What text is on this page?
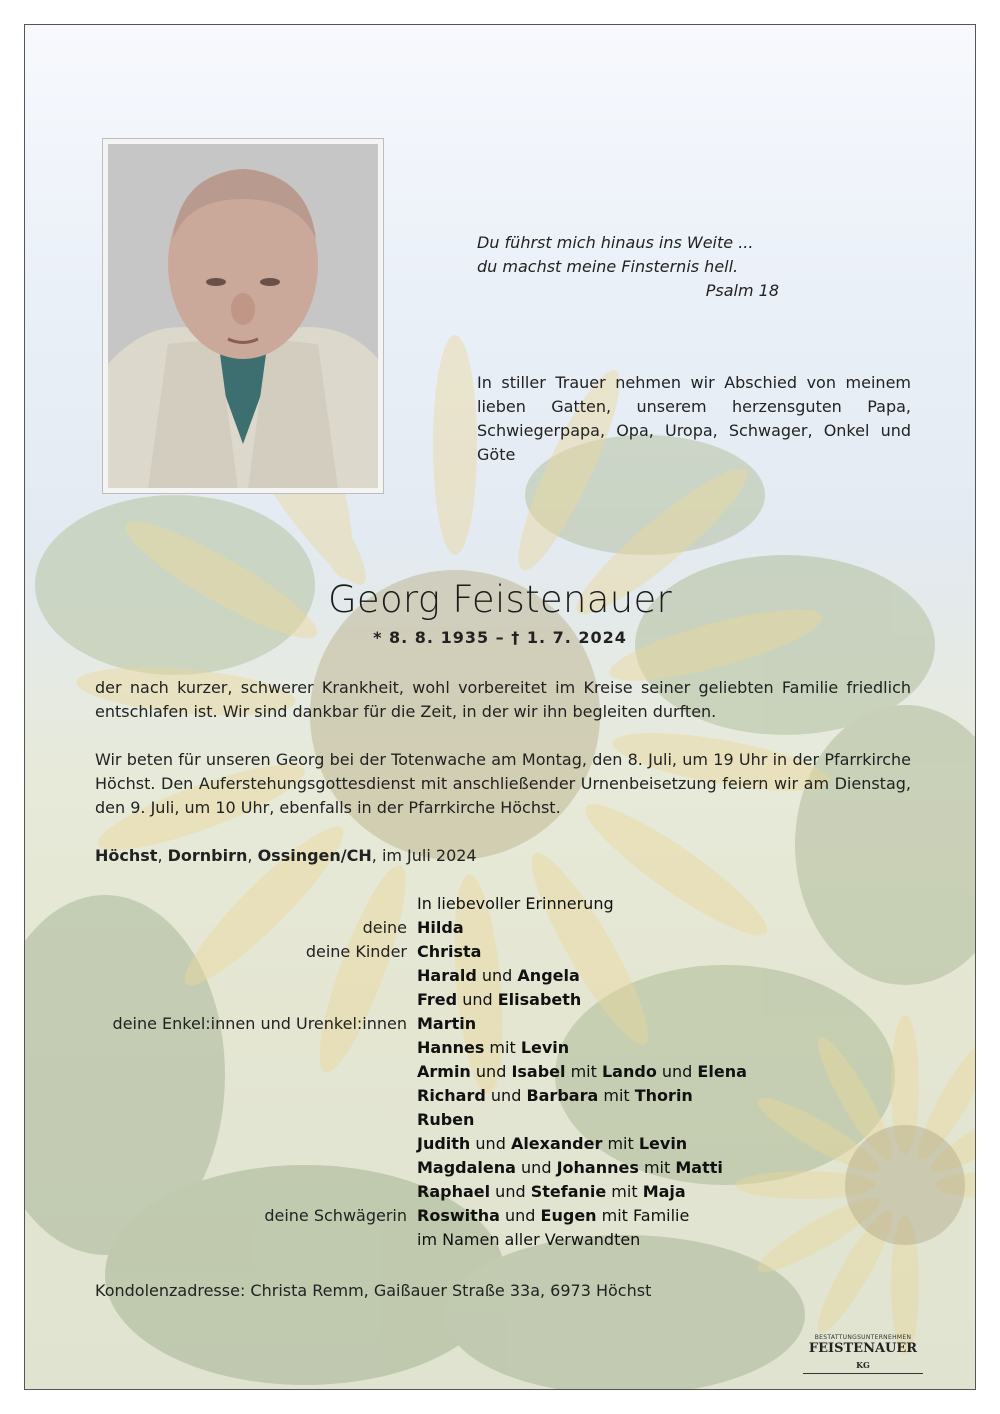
Du führst mich hinaus ins Weite ...
du machst meine Finsternis hell.
Psalm 18
In stiller Trauer nehmen wir Abschied von meinem lieben Gatten, unserem herzensguten Papa, Schwiegerpapa, Opa, Uropa, Schwager, Onkel und Göte
Georg Feistenauer
* 8. 8. 1935 – † 1. 7. 2024
der nach kurzer, schwerer Krankheit, wohl vorbereitet im Kreise seiner geliebten Familie friedlich entschlafen ist. Wir sind dankbar für die Zeit, in der wir ihn begleiten durften.
Wir beten für unseren Georg bei der Totenwache am Montag, den 8. Juli, um 19 Uhr in der Pfarrkirche Höchst. Den Auferstehungsgottesdienst mit anschließender Urnenbeisetzung feiern wir am Dienstag, den 9. Juli, um 10 Uhr, ebenfalls in der Pfarrkirche Höchst.
Höchst, Dornbirn, Ossingen/CH, im Juli 2024
In liebevoller Erinnerung
deine Hilda
deine Kinder Christa
Harald und Angela
Fred und Elisabeth
deine Enkel:innen und Urenkel:innen Martin
Hannes mit Levin
Armin und Isabel mit Lando und Elena
Richard und Barbara mit Thorin
Ruben
Judith und Alexander mit Levin
Magdalena und Johannes mit Matti
Raphael und Stefanie mit Maja
deine Schwägerin Roswitha und Eugen mit Familie
im Namen aller Verwandten
Kondolenzadresse: Christa Remm, Gaißauer Straße 33a, 6973 Höchst
BESTATTUNGSUNTERNEHMEN
FEISTENAUER KG
